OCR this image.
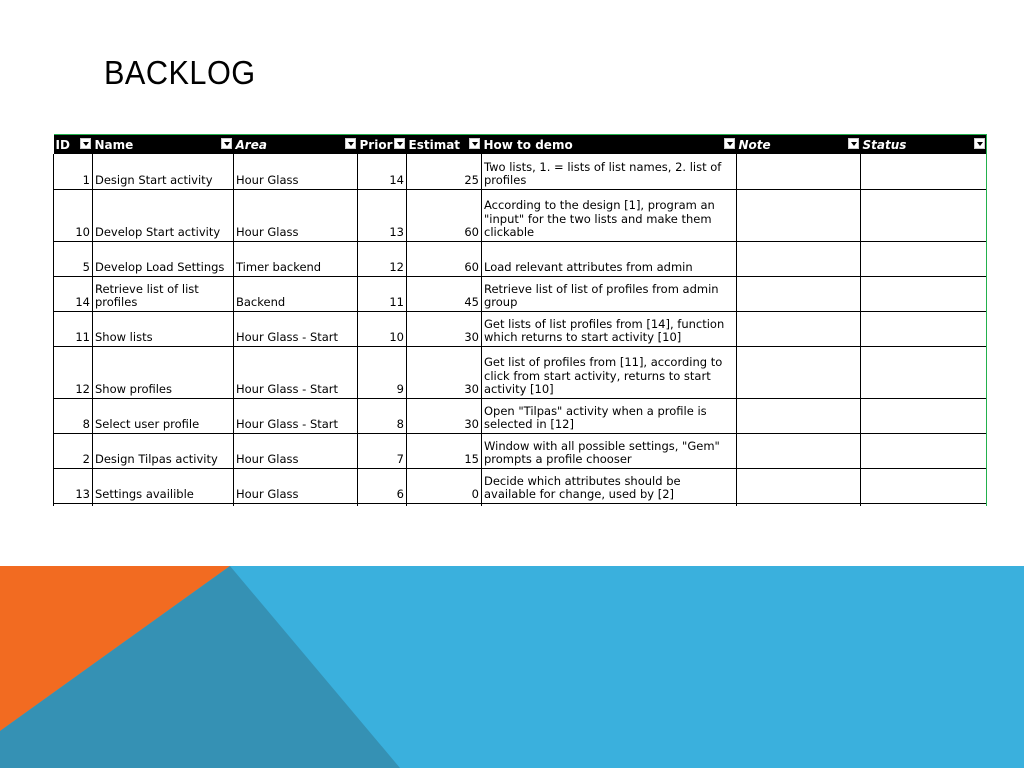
BACKLOG
ID	Name	Area	Prior	Estimat	How to demo	Note	Status

1	Design Start activity	Hour Glass	14	25	Two lists, 1. = lists of list names, 2. list of profiles		
10	Develop Start activity	Hour Glass	13	60	According to the design [1], program an "input" for the two lists and make them clickable		
5	Develop Load Settings	Timer backend	12	60	Load relevant attributes from admin		
14	Retrieve list of list profiles	Backend	11	45	Retrieve list of list of profiles from admin group		
11	Show lists	Hour Glass - Start	10	30	Get lists of list profiles from [14], function which returns to start activity [10]		
12	Show profiles	Hour Glass - Start	9	30	Get list of profiles from [11], according to click from start activity, returns to start activity [10]		
8	Select user profile	Hour Glass - Start	8	30	Open "Tilpas" activity when a profile is selected in [12]		
2	Design Tilpas activity	Hour Glass	7	15	Window with all possible settings, "Gem" prompts a profile chooser		
13	Settings availible	Hour Glass	6	0	Decide which attributes should be available for change, used by [2]		
